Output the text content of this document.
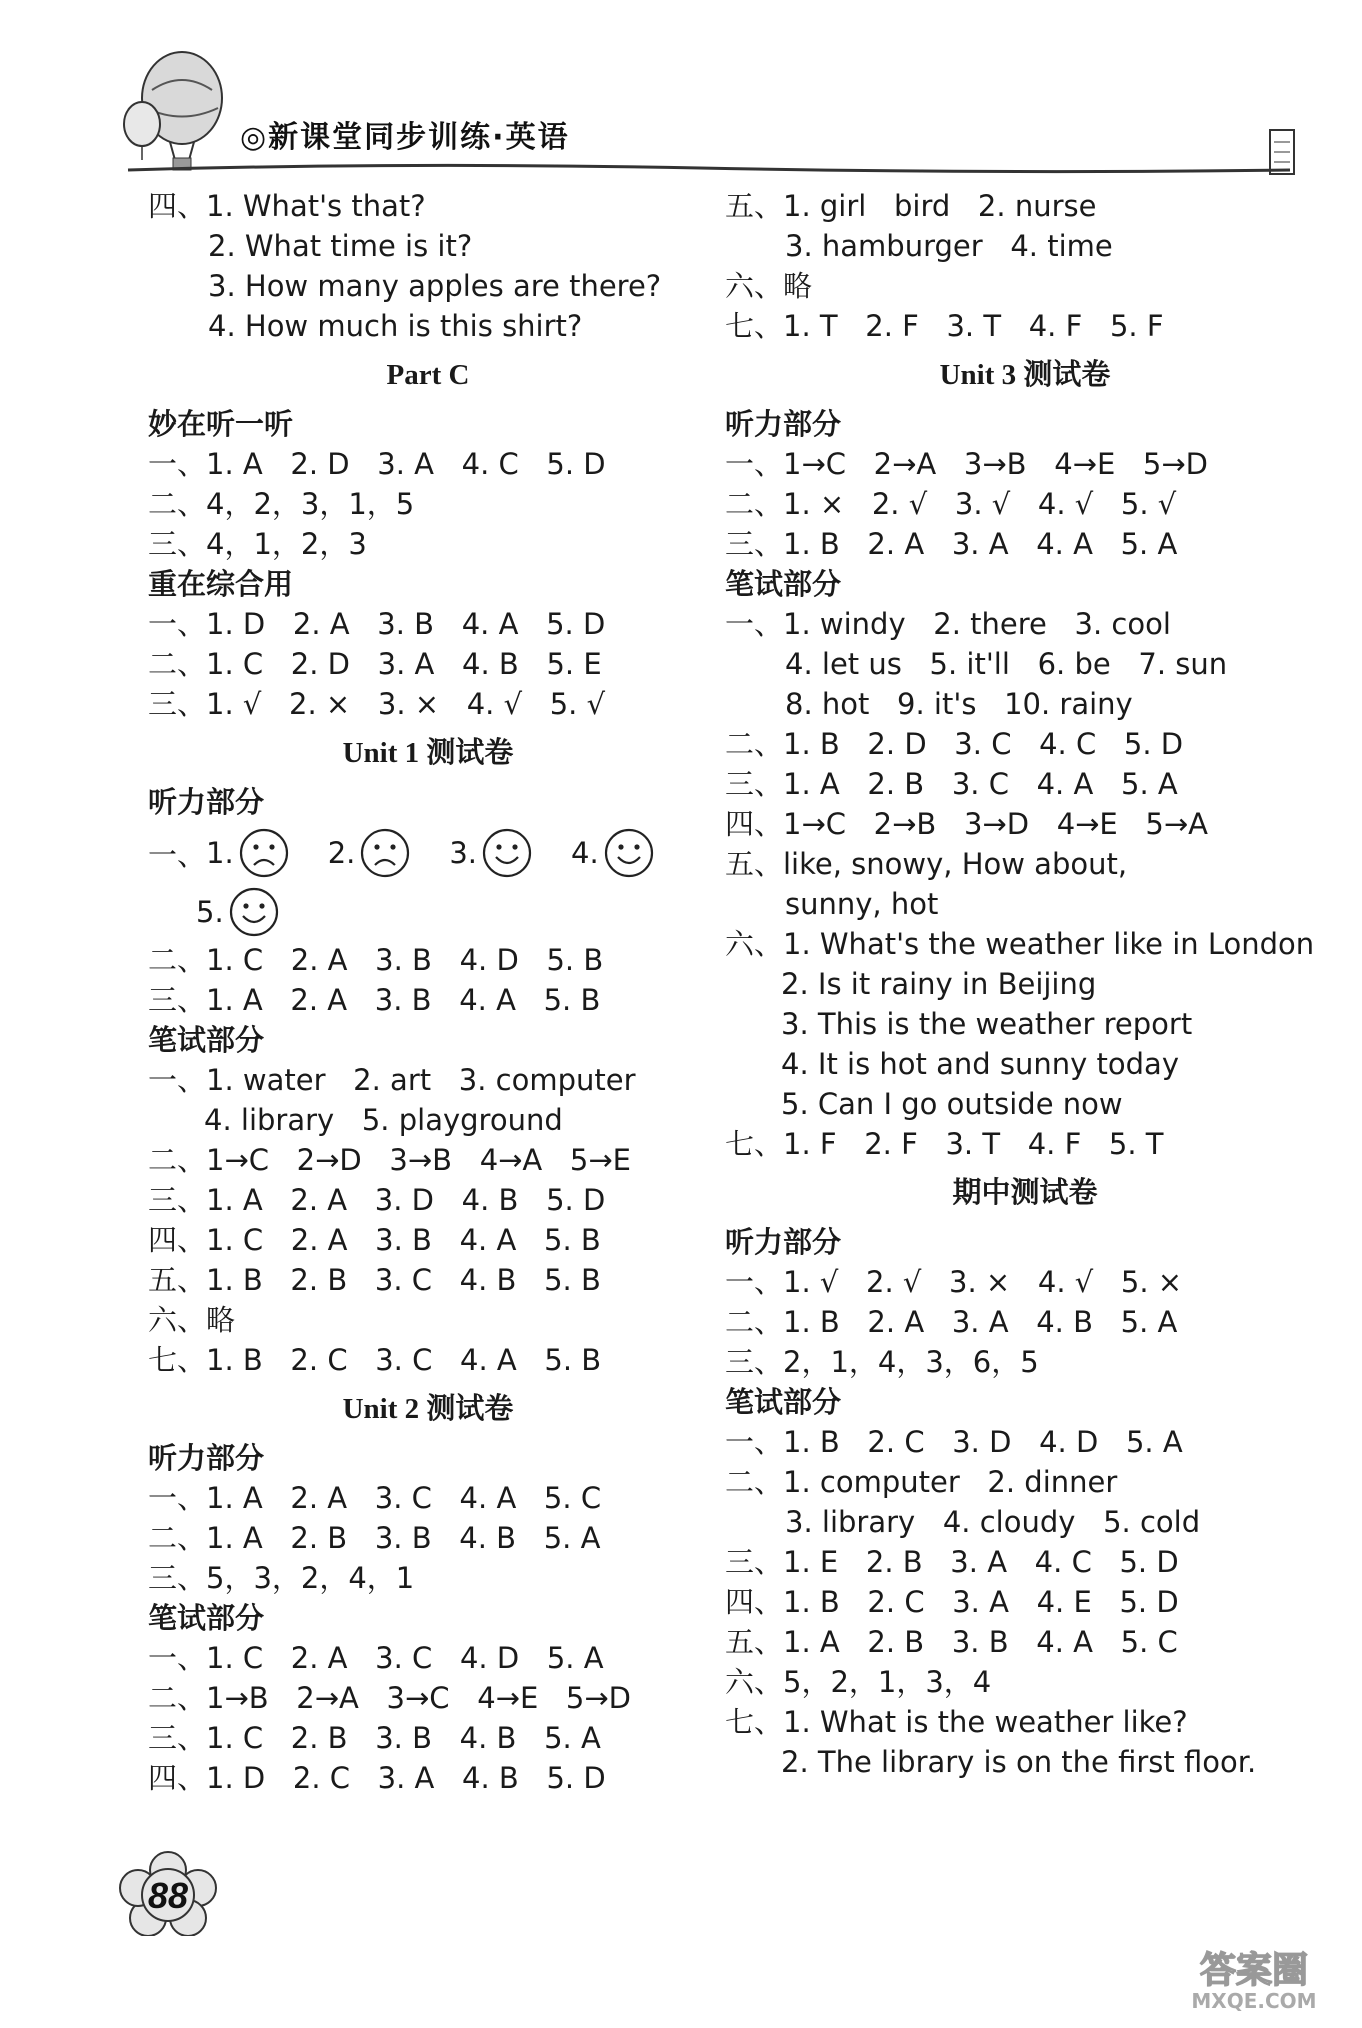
◎新课堂同步训练·英语
四、1. What's that?
2. What time is it?
3. How many apples are there?
4. How much is this shirt?
Part C
妙在听一听
一、1. A   2. D   3. A   4. C   5. D
二、4，2，3，1，5
三、4，1，2，3
重在综合用
一、1. D   2. A   3. B   4. A   5. D
二、1. C   2. D   3. A   4. B   5. E
三、1. √   2. ×   3. ×   4. √   5. √
Unit 1 测试卷
听力部分
一、 1.	2.	3.	4.
5.
二、1. C   2. A   3. B   4. D   5. B
三、1. A   2. A   3. B   4. A   5. B
笔试部分
一、1. water   2. art   3. computer
4. library   5. playground
二、1→C   2→D   3→B   4→A   5→E
三、1. A   2. A   3. D   4. B   5. D
四、1. C   2. A   3. B   4. A   5. B
五、1. B   2. B   3. C   4. B   5. B
六、略
七、1. B   2. C   3. C   4. A   5. B
Unit 2 测试卷
听力部分
一、1. A   2. A   3. C   4. A   5. C
二、1. A   2. B   3. B   4. B   5. A
三、5，3，2，4，1
笔试部分
一、1. C   2. A   3. C   4. D   5. A
二、1→B   2→A   3→C   4→E   5→D
三、1. C   2. B   3. B   4. B   5. A
四、1. D   2. C   3. A   4. B   5. D
五、1. girl   bird   2. nurse
3. hamburger   4. time
六、略
七、1. T   2. F   3. T   4. F   5. F
Unit 3 测试卷
听力部分
一、1→C   2→A   3→B   4→E   5→D
二、1. ×   2. √   3. √   4. √   5. √
三、1. B   2. A   3. A   4. A   5. A
笔试部分
一、1. windy   2. there   3. cool
4. let us   5. it'll   6. be   7. sun
8. hot   9. it's   10. rainy
二、1. B   2. D   3. C   4. C   5. D
三、1. A   2. B   3. C   4. A   5. A
四、1→C   2→B   3→D   4→E   5→A
五、like, snowy, How about,
sunny, hot
六、1. What's the weather like in London
2. Is it rainy in Beijing
3. This is the weather report
4. It is hot and sunny today
5. Can I go outside now
七、1. F   2. F   3. T   4. F   5. T
期中测试卷
听力部分
一、1. √   2. √   3. ×   4. √   5. ×
二、1. B   2. A   3. A   4. B   5. A
三、2，1，4，3，6，5
笔试部分
一、1. B   2. C   3. D   4. D   5. A
二、1. computer   2. dinner
3. library   4. cloudy   5. cold
三、1. E   2. B   3. A   4. C   5. D
四、1. B   2. C   3. A   4. E   5. D
五、1. A   2. B   3. B   4. A   5. C
六、5，2，1，3，4
七、1. What is the weather like?
2. The library is on the first floor.
88
答案圈
MXQE.COM
